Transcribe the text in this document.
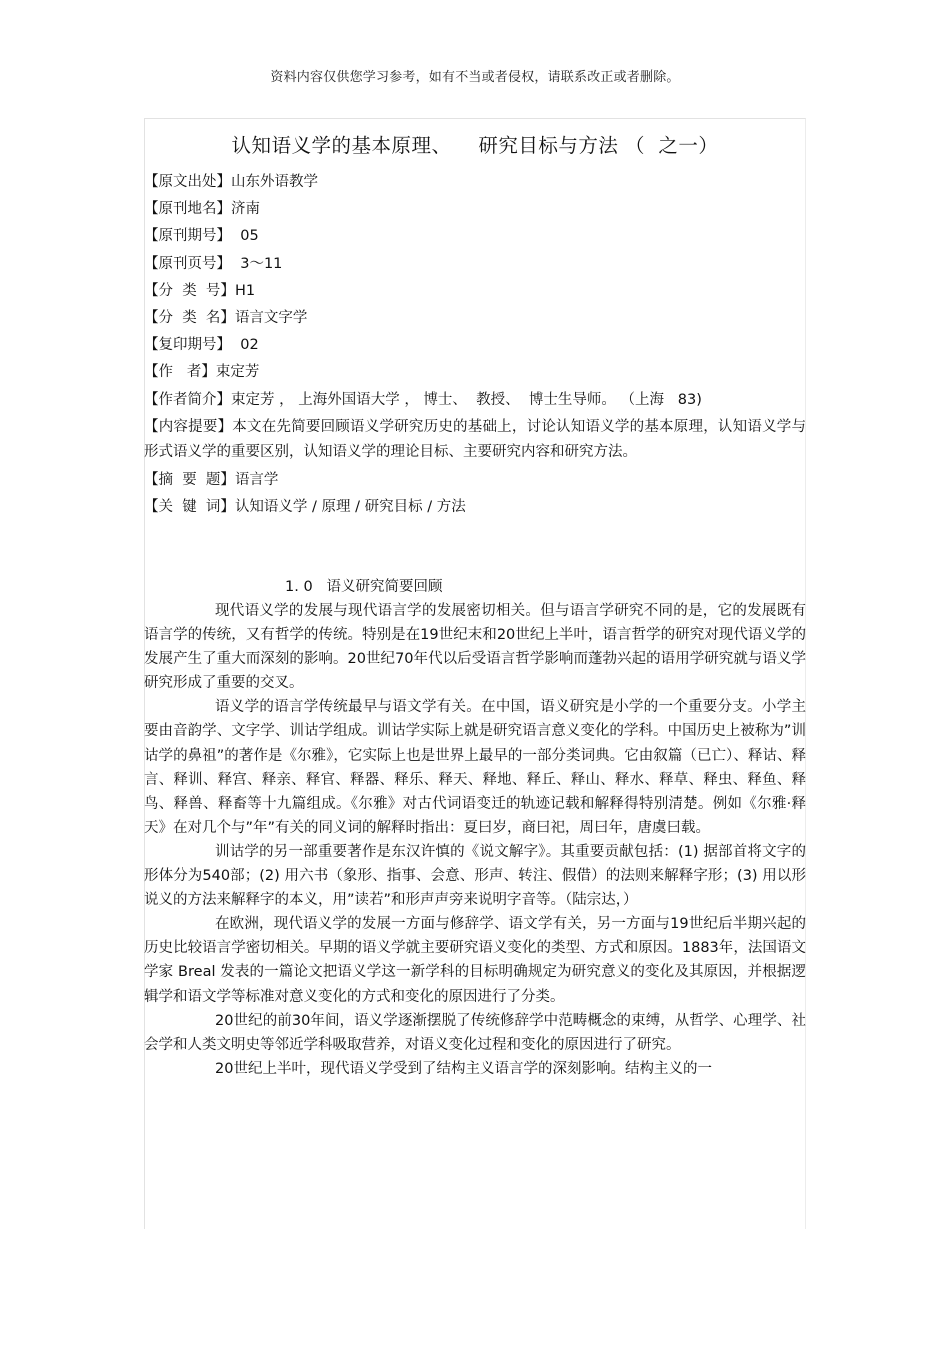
资料内容仅供您学习参考，如有不当或者侵权，请联系改正或者删除。
认知语义学的基本原理、    研究目标与方法 （  之一）
【原文出处】山东外语教学
【原刊地名】济南
【原刊期号】  05
【原刊页号】  3～11
【分  类  号】H1
【分  类  名】语言文字学
【复印期号】  02
【作   者】束定芳
【作者简介】束定芳 ， 上海外国语大学 ， 博士、  教授、  博士生导师。 （上海   83)
【内容提要】本文在先简要回顾语义学研究历史的基础上，讨论认知语义学的基本原理，认知语义学与形式语义学的重要区别，认知语义学的理论目标、主要研究内容和研究方法。
【摘  要  题】语言学
【关  键  词】认知语义学 / 原理 / 研究目标 / 方法
1. 0   语义研究简要回顾

现代语义学的发展与现代语言学的发展密切相关。但与语言学研究不同的是，它的发展既有语言学的传统，又有哲学的传统。特别是在19世纪末和20世纪上半叶，语言哲学的研究对现代语义学的发展产生了重大而深刻的影响。20世纪70年代以后受语言哲学影响而蓬勃兴起的语用学研究就与语义学研究形成了重要的交叉。

语义学的语言学传统最早与语文学有关。在中国，语义研究是小学的一个重要分支。小学主要由音韵学、文字学、训诂学组成。训诂学实际上就是研究语言意义变化的学科。中国历史上被称为”训诂学的鼻祖”的著作是《尔雅》，它实际上也是世界上最早的一部分类词典。它由叙篇（已亡）、释诂、释言、释训、释宫、释亲、释官、释器、释乐、释天、释地、释丘、释山、释水、释草、释虫、释鱼、释鸟、释兽、释畜等十九篇组成。《尔雅》对古代词语变迁的轨迹记载和解释得特别清楚。例如《尔雅·释天》在对几个与”年”有关的同义词的解释时指出：夏曰岁，商曰祀，周曰年，唐虞曰载。

训诂学的另一部重要著作是东汉许慎的《说文解字》。其重要贡献包括：(1) 据部首将文字的形体分为540部；(2) 用六书（象形、指事、会意、形声、转注、假借）的法则来解释字形；(3) 用以形说义的方法来解释字的本义，用”读若”和形声声旁来说明字音等。（陆宗达，）

在欧洲，现代语义学的发展一方面与修辞学、语文学有关，另一方面与19世纪后半期兴起的历史比较语言学密切相关。早期的语义学就主要研究语义变化的类型、方式和原因。1883年，法国语文学家 Breal 发表的一篇论文把语义学这一新学科的目标明确规定为研究意义的变化及其原因，并根据逻辑学和语文学等标准对意义变化的方式和变化的原因进行了分类。

20世纪的前30年间，语义学逐渐摆脱了传统修辞学中范畴概念的束缚，从哲学、心理学、社会学和人类文明史等邻近学科吸取营养，对语义变化过程和变化的原因进行了研究。

20世纪上半叶，现代语义学受到了结构主义语言学的深刻影响。结构主义的一
